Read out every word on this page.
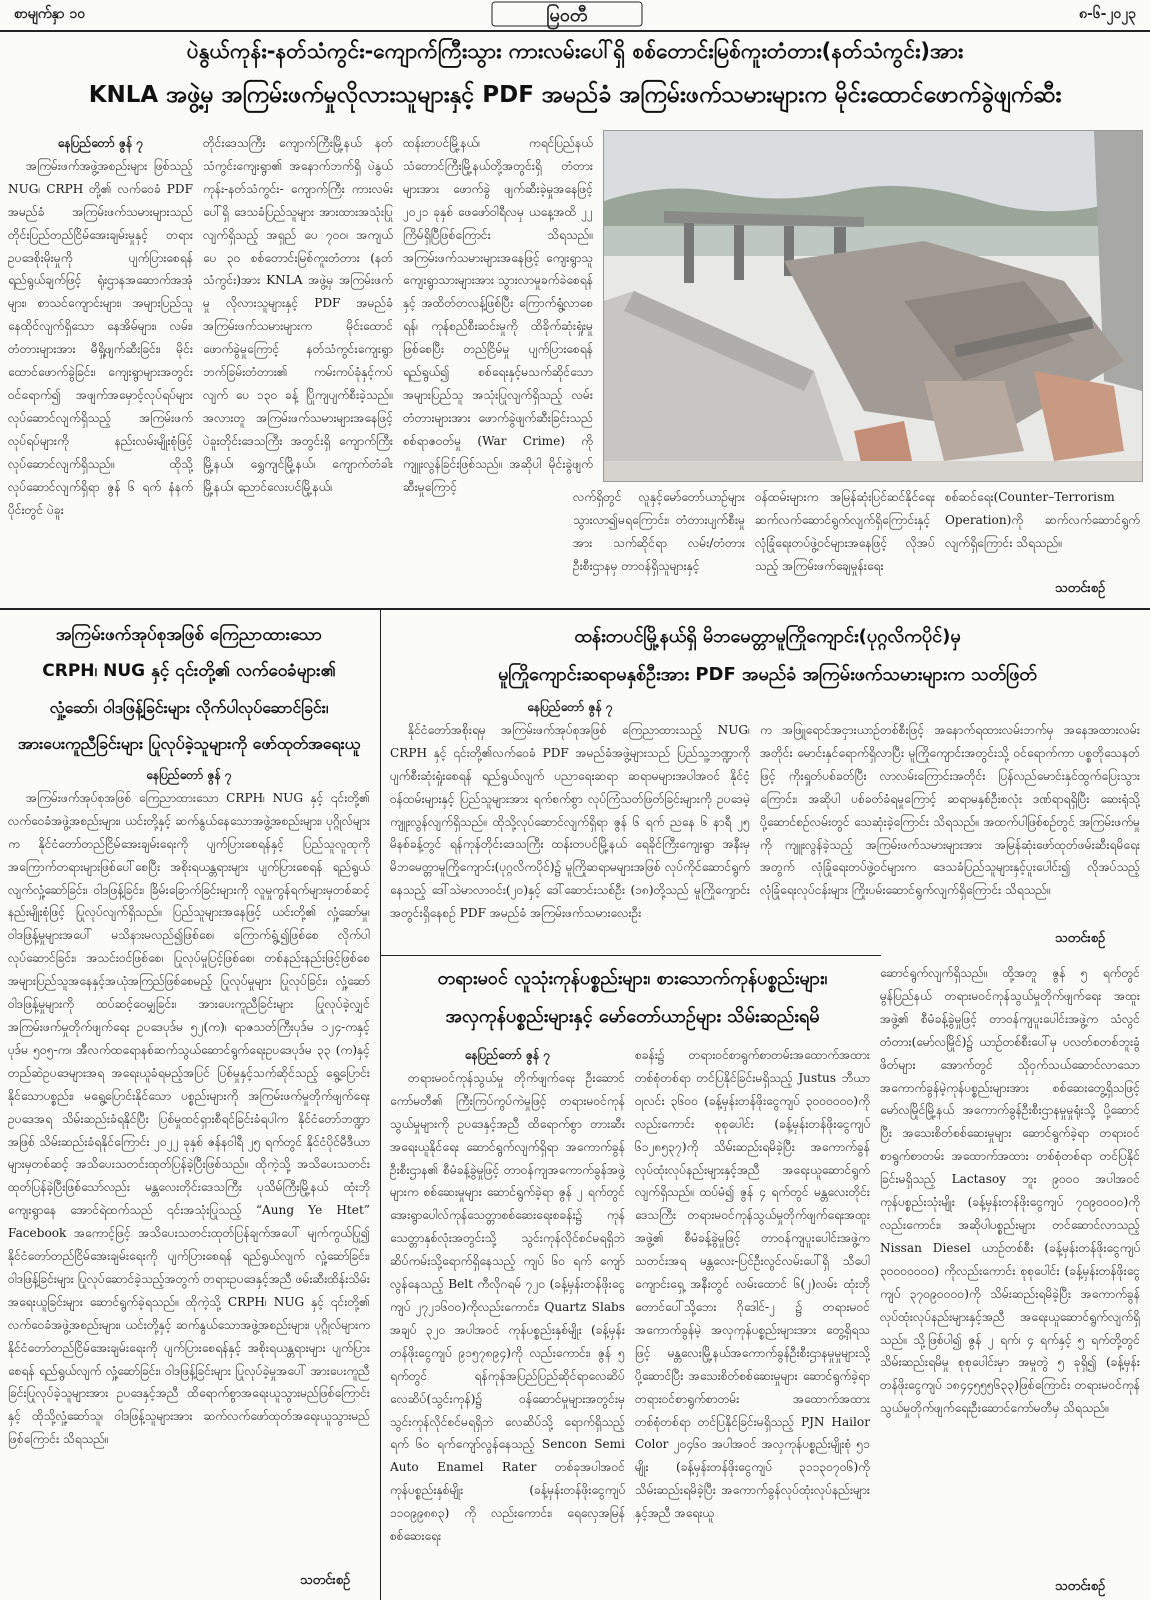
စာမျက်နှာ ၁၀	မြဝတီ	၈-၆-၂၀၂၃
ပဲနွယ်ကုန်း-နတ်သံကွင်း-ကျောက်ကြီးသွား ကားလမ်းပေါ်ရှိ စစ်တောင်းမြစ်ကူးတံတား(နတ်သံကွင်း)အား
KNLA အဖွဲ့မှ အကြမ်းဖက်မှုလိုလားသူများနှင့် PDF အမည်ခံ အကြမ်းဖက်သမားများက မိုင်းထောင်ဖောက်ခွဲဖျက်ဆီး
နေပြည်တော် ဇွန် ၇

အကြမ်းဖက်အဖွဲ့အစည်းများ ဖြစ်သည့် NUG၊ CRPH တို့၏ လက်ဝေခံ PDF အမည်ခံ အကြမ်းဖက်သမားများသည် တိုင်းပြည်တည်ငြိမ်အေးချမ်းမှုနှင့် တရားဥပဒေစိုးမိုးမှုကို ပျက်ပြားစေရန် ရည်ရွယ်ချက်ဖြင့် ရုံးဌာနအဆောက်အအုံများ၊ စာသင်ကျောင်းများ၊ အများပြည်သူနေထိုင်လျက်ရှိသော နေအိမ်များ၊ လမ်း၊ တံတားများအား မီရှို့ဖျက်ဆီးခြင်း၊ မိုင်းထောင်ဖောက်ခွဲခြင်း၊ ကျေးရွာများအတွင်း ဝင်ရောက်၍ အဖျက်အမှောင့်လုပ်ရပ်များ လုပ်ဆောင်လျက်ရှိသည့် အကြမ်းဖက်လုပ်ရပ်များကို နည်းလမ်းမျိုးစုံဖြင့် လုပ်ဆောင်လျက်ရှိသည်။ ထိုသို့ လုပ်ဆောင်လျက်ရှိရာ ဇွန် ၆ ရက် နံနက်ပိုင်းတွင် ပဲခူး

တိုင်းဒေသကြီး ကျောက်ကြီးမြို့နယ် နတ်သံကွင်းကျေးရွာ၏ အနောက်ဘက်ရှိ ပဲနွယ်ကုန်း-နတ်သံကွင်း- ကျောက်ကြီး ကားလမ်းပေါ်ရှိ ဒေသခံပြည်သူများ အားထားအသုံးပြုလျက်ရှိသည့် အရှည် ပေ ၇၀၀၊ အကျယ် ပေ ၃၀ စစ်တောင်းမြစ်ကူးတံတား (နတ်သံကွင်း)အား KNLA အဖွဲ့မှ အကြမ်းဖက်မှု လိုလားသူများနှင့် PDF အမည်ခံအကြမ်းဖက်သမားများက မိုင်းထောင်ဖောက်ခွဲမှုကြောင့် နတ်သံကွင်းကျေးရွာဘက်ခြမ်းတံတား၏ ကမ်းကပ်ခုံနှင့်ကပ်လျက် ပေ ၁၃၀ ခန့် ပြိုကျပျက်စီးခဲ့သည်။ အလားတူ အကြမ်းဖက်သမားများအနေဖြင့် ပဲခူးတိုင်းဒေသကြီး အတွင်းရှိ ကျောက်ကြီးမြို့နယ်၊ ရွှေကျင်မြို့နယ်၊ ကျောက်တံခါးမြို့နယ်၊ ညောင်လေးပင်မြို့နယ်၊

ထန်းတပင်မြို့နယ်၊ ကရင်ပြည်နယ် သံတောင်ကြီးမြို့နယ်တို့အတွင်းရှိ တံတားများအား ဖောက်ခွဲ ဖျက်ဆီးခဲ့မှုအနေဖြင့် ၂၀၂၁ ခုနှစ် ဖေဖော်ဝါရီလမှ ယနေ့အထိ ၂၂ ကြိမ်ရှိပြီဖြစ်ကြောင်း သိရသည်။ အကြမ်းဖက်သမားများအနေဖြင့် ကျေးရွာသူ ကျေးရွာသားများအား သွားလာမှုခက်ခဲစေရန်နှင့် အထိတ်တလန့်ဖြစ်ပြီး ကြောက်ရွံ့လာစေရန်၊ ကုန်စည်စီးဆင်းမှုကို ထိခိုက်ဆုံးရှုံးမှု ဖြစ်စေပြီး တည်ငြိမ်မှု ပျက်ပြားစေရန် ရည်ရွယ်၍ စစ်ရေးနှင့်မသက်ဆိုင်သော အများပြည်သူ အသုံးပြုလျက်ရှိသည့် လမ်းတံတားများအား ဖောက်ခွဲဖျက်ဆီးခြင်းသည် စစ်ရာဇဝတ်မှု (War Crime) ကို ကျူးလွန်ခြင်းဖြစ်သည်။ အဆိုပါ မိုင်းခွဲဖျက်ဆီးမှုကြောင့်

လက်ရှိတွင် လူနှင့်မော်တော်ယာဉ်များ သွားလာ၍မရကြောင်း၊ တံတားပျက်စီးမှုအား သက်ဆိုင်ရာ လမ်း/တံတားဦးစီးဌာနမှ တာဝန်ရှိသူများနှင့်

ဝန်ထမ်းများက အမြန်ဆုံးပြင်ဆင်နိုင်ရေး ဆက်လက်ဆောင်ရွက်လျက်ရှိကြောင်းနှင့် လုံခြုံရေးတပ်ဖွဲ့ဝင်များအနေဖြင့် လိုအပ်သည့် အကြမ်းဖက်ချေမှုန်းရေး

စစ်ဆင်ရေး(Counter–Terrorism Operation)ကို ဆက်လက်ဆောင်ရွက်လျက်ရှိကြောင်း သိရသည်။

သတင်းစဉ်
အကြမ်းဖက်အုပ်စုအဖြစ် ကြေညာထားသော
CRPH၊ NUG နှင့် ၎င်းတို့၏ လက်ဝေခံများ၏
လှုံ့ဆော်၊ ဝါဒဖြန့်ခြင်းများ လိုက်ပါလုပ်ဆောင်ခြင်း၊
အားပေးကူညီခြင်းများ ပြုလုပ်ခဲ့သူများကို ဖော်ထုတ်အရေးယူ
နေပြည်တော် ဇွန် ၇

အကြမ်းဖက်အုပ်စုအဖြစ် ကြေညာထားသော CRPH၊ NUG နှင့် ၎င်းတို့၏ လက်ဝေခံအဖွဲ့အစည်းများ၊ ယင်းတို့နှင့် ဆက်နွယ်နေသောအဖွဲ့အစည်းများ၊ ပုဂ္ဂိုလ်များက နိုင်ငံတော်တည်ငြိမ်အေးချမ်းရေးကို ပျက်ပြားစေရန်နှင့် ပြည်သူလူထုကို အကြောက်တရားများဖြစ်ပေါ်စေပြီး အစိုးရယန္တရားများ ပျက်ပြားစေရန် ရည်ရွယ်လျက်လှုံ့ဆော်ခြင်း၊ ဝါဒဖြန့်ခြင်း၊ ခြိမ်းခြောက်ခြင်းများကို လူမှုကွန်ရက်များမှတစ်ဆင့် နည်းမျိုးစုံဖြင့် ပြုလုပ်လျက်ရှိသည်။ ပြည်သူများအနေဖြင့် ယင်းတို့၏ လှုံ့ဆော်မှု၊ ဝါဒဖြန့်မှုများအပေါ် မသိနားမလည်၍ဖြစ်စေ၊ ကြောက်ရွံ့၍ဖြစ်စေ လိုက်ပါလုပ်ဆောင်ခြင်း၊ အသင်းဝင်ဖြစ်စေ၊ ပြုလုပ်မှုပြင့်ဖြစ်စေ၊ တစ်နည်းနည်းဖြင့်ဖြစ်စေ အများပြည်သူအနေနှင့်အယုံအကြည်ဖြစ်စေမည့် ပြုလုပ်မှုများ ပြုလုပ်ခြင်း၊ လှုံ့ဆော်ဝါဒဖြန့်မှုများကို ထပ်ဆင့်ဝေမျှခြင်း၊ အားပေးကူညီခြင်းများ ပြုလုပ်ခဲ့လျှင် အကြမ်းဖက်မှုတိုက်ဖျက်ရေး ဥပဒေပုဒ်မ ၅၂(က)၊ ရာဇသတ်ကြီးပုဒ်မ ၁၂၄-ကနှင့် ပုဒ်မ ၅၀၅-က၊ အီလက်ထရောနစ်ဆက်သွယ်ဆောင်ရွက်ရေးဥပဒေပုဒ်မ ၃၃ (က)နှင့် တည်ဆဲဥပဒေများအရ အရေးယူခံရမည့်အပြင် ပြစ်မှုနှင့်သက်ဆိုင်သည့် ရွေ့ပြောင်းနိုင်သောပစ္စည်း၊ မရွေ့ပြောင်းနိုင်သော ပစ္စည်းများကို အကြမ်းဖက်မှုတိုက်ဖျက်ရေးဥပဒေအရ သိမ်းဆည်းခံရနိုင်ပြီး ပြစ်မှုထင်ရှားစီရင်ခြင်းခံရပါက နိုင်ငံတော်ဘဏ္ဍာအဖြစ် သိမ်းဆည်းခံရနိုင်ကြောင်း ၂၀၂၂ ခုနှစ် ဇန်နဝါရီ ၂၅ ရက်တွင် နိုင်ငံပိုင်မီဒီယာများမှတစ်ဆင့် အသိပေးသတင်းထုတ်ပြန်ခဲ့ပြီးဖြစ်သည်။ ထိုကဲ့သို့ အသိပေးသတင်းထုတ်ပြန်ခဲ့ပြီးဖြစ်သော်လည်း မန္တလေးတိုင်းဒေသကြီး ပုသိမ်ကြီးမြို့နယ် ထုံးဘိုကျေးရွာနေ အောင်ရဲထက်သည် ၎င်းအသုံးပြုသည့် “Aung Ye Htet” Facebook အကောင့်ဖြင့် အသိပေးသတင်းထုတ်ပြန်ချက်အပေါ် မျက်ကွယ်ပြု၍ နိုင်ငံတော်တည်ငြိမ်အေးချမ်းရေးကို ပျက်ပြားစေရန် ရည်ရွယ်လျက် လှုံ့ဆော်ခြင်း၊ ဝါဒဖြန့်ခြင်းများ ပြုလုပ်ဆောင်ခဲ့သည့်အတွက် တရားဥပဒေနှင့်အညီ ဖမ်းဆီးထိန်းသိမ်းအရေးယူခြင်းများ ဆောင်ရွက်ခဲ့ရသည်။ ထိုကဲ့သို့ CRPH၊ NUG နှင့် ၎င်းတို့၏ လက်ဝေခံအဖွဲ့အစည်းများ၊ ယင်းတို့နှင့် ဆက်နွယ်သောအဖွဲ့အစည်းများ၊ ပုဂ္ဂိုလ်များက နိုင်ငံတော်တည်ငြိမ်အေးချမ်းရေးကို ပျက်ပြားစေရန်နှင့် အစိုးရယန္တရားများ ပျက်ပြားစေရန် ရည်ရွယ်လျက် လှုံ့ဆော်ခြင်း၊ ဝါဒဖြန့်ခြင်းများ ပြုလုပ်ခဲ့မှုအပေါ် အားပေးကူညီခြင်းပြုလုပ်ခဲ့သူများအား ဥပဒေနှင့်အညီ ထိရောက်စွာအရေးယူသွားမည်ဖြစ်ကြောင်းနှင့် ထိုသို့လှုံ့ဆော်သူ၊ ဝါဒဖြန့်သူများအား ဆက်လက်ဖော်ထုတ်အရေးယူသွားမည်ဖြစ်ကြောင်း သိရသည်။

သတင်းစဉ်
ထန်းတပင်မြို့နယ်ရှိ မိဘမေတ္တာမူကြိုကျောင်း(ပုဂ္ဂလိကပိုင်)မှ
မူကြိုကျောင်းဆရာမနှစ်ဦးအား PDF အမည်ခံ အကြမ်းဖက်သမားများက သတ်ဖြတ်
နေပြည်တော် ဇွန် ၇

နိုင်ငံတော်အစိုးရမှ အကြမ်းဖက်အုပ်စုအဖြစ် ကြေညာထားသည့် NUG၊ CRPH နှင့် ၎င်းတို့၏လက်ဝေခံ PDF အမည်ခံအဖွဲ့များသည် ပြည်သူ့ဘဏ္ဍာကို ပျက်စီးဆုံးရှုံးစေရန် ရည်ရွယ်လျက် ပညာရေးဆရာ ဆရာမများအပါအဝင် နိုင်ငံ့ဝန်ထမ်းများနှင့် ပြည်သူများအား ရက်စက်စွာ လုပ်ကြံသတ်ဖြတ်ခြင်းများကို ဥပဒေမဲ့ကျူးလွန်လျက်ရှိသည်။ ထိုသို့လုပ်ဆောင်လျက်ရှိရာ ဇွန် ၆ ရက် ညနေ ၆ နာရီ ၂၅ မိနစ်ခန့်တွင် ရန်ကုန်တိုင်းဒေသကြီး ထန်းတပင်မြို့နယ် ရေခိုင်ကြီးကျေးရွာ အနီးမှ မိဘမေတ္တာမူကြိုကျောင်း(ပုဂ္ဂလိကပိုင်)၌ မူကြိုဆရာမများအဖြစ် လုပ်ကိုင်ဆောင်ရွက်နေသည့် ဒေါ်သဲမာလာဝင်း(၂၀)နှင့် ဒေါ်ဆောင်းသစ်ဦး (၁၈)တို့သည် မူကြိုကျောင်းအတွင်းရှိနေစဉ် PDF အမည်ခံ အကြမ်းဖက်သမားလေးဦး

က အဖြူရောင်အငှားယာဉ်တစ်စီးဖြင့် အနောက်ရထားလမ်းဘက်မှ အနေအထားလမ်းအတိုင်း မောင်းနှင်ရောက်ရှိလာပြီး မူကြိုကျောင်းအတွင်းသို့ ဝင်ရောက်ကာ ပစ္စတိုသေနတ်ဖြင့် ကိုးရှုတ်ပစ်ခတ်ပြီး လာလမ်းကြောင်းအတိုင်း ပြန်လည်မောင်းနှင်ထွက်ပြေးသွားကြောင်း၊ အဆိုပါ ပစ်ခတ်ခံရမှုကြောင့် ဆရာမနှစ်ဦးစလုံး ဒဏ်ရာရရှိပြီး ဆေးရုံသို့ ပို့ဆောင်စဉ်လမ်းတွင် သေဆုံးခဲ့ကြောင်း သိရသည်။ အထက်ပါဖြစ်စဉ်တွင် အကြမ်းဖက်မှုကို ကျူးလွန်ခဲ့သည့် အကြမ်းဖက်သမားများအား အမြန်ဆုံးဖော်ထုတ်ဖမ်းဆီးရမိရေးအတွက် လုံခြုံရေးတပ်ဖွဲ့ဝင်များက ဒေသခံပြည်သူများနှင့်ပူးပေါင်း၍ လိုအပ်သည့် လုံခြုံရေးလုပ်ငန်းများ ကြိုးပမ်းဆောင်ရွက်လျက်ရှိကြောင်း သိရသည်။

သတင်းစဉ်
တရားမဝင် လူသုံးကုန်ပစ္စည်းများ၊ စားသောက်ကုန်ပစ္စည်းများ၊
အလှကုန်ပစ္စည်းများနှင့် မော်တော်ယာဉ်များ သိမ်းဆည်းရမိ
နေပြည်တော် ဇွန် ၇

တရားမဝင်ကုန်သွယ်မှု တိုက်ဖျက်ရေး ဦးဆောင်ကော်မတီ၏ ကြီးကြပ်ကွပ်ကဲမှုဖြင့် တရားမဝင်ကုန်သွယ်မှုများကို ဥပဒေနှင့်အညီ ထိရောက်စွာ တားဆီးအရေးယူနိုင်ရေး ဆောင်ရွက်လျက်ရှိရာ အကောက်ခွန်ဦးစီးဌာန၏ စီမံခန့်ခွဲမှုဖြင့် တာဝန်ကျအကောက်ခွန်အဖွဲ့များက စစ်ဆေးမှုများ ဆောင်ရွက်ခဲ့ရာ ဇွန် ၂ ရက်တွင် အေးရွာပေါလ်ကုန်သေတ္တာစစ်ဆေးရေးစခန်း၌ ကုန်သေတ္တာနှစ်လုံးအတွင်းသို့ သွင်းကုန်လိုင်စင်မရရှိဘဲ ဆိပ်ကမ်းသို့ရောက်ရှိနေသည့် ကျပ် ၆၀ ရက် ကျော်လွန်နေသည့် Belt ကီလိုဂရမ် ၇၂၀ (ခန့်မှန်းတန်ဖိုးငွေကျပ် ၂၇၂၁၆၀၀)ကိုလည်းကောင်း၊ Quartz Slabs အချပ် ၃၂၀ အပါအဝင် ကုန်ပစ္စည်းနှစ်မျိုး (ခန့်မှန်းတန်ဖိုးငွေကျပ် ၉၁၅၇၈၉၄)ကို လည်းကောင်း၊ ဇွန် ၅ ရက်တွင် ရန်ကုန်အပြည်ပြည်ဆိုင်ရာလေဆိပ် လေဆိပ်(သွင်းကုန်)၌ ဝန်ဆောင်မှုများအတွင်းမှ သွင်းကုန်လိုင်စင်မရရှိဘဲ လေဆိပ်သို့ ရောက်ရှိသည့်ရက် ၆၀ ရက်ကျော်လွန်နေသည့် Sencon Semi Auto Enamel Rater တစ်ခုအပါအဝင် ကုန်ပစ္စည်းနှစ်မျိုး (ခန့်မှန်းတန်ဖိုးငွေကျပ် ၁၁၀၉၉၈၈၃) ကို လည်းကောင်း၊ ရေလှေအမြန်စစ်ဆေးရေး

စခန်း၌ တရားဝင်စာရွက်စာတမ်းအထောက်အထားတစ်စုံတစ်ရာ တင်ပြနိုင်ခြင်းမရှိသည့် Justus ဘီယာ ၀ုလင်း ၃၆၀၀ (ခန့်မှန်းတန်ဖိုးငွေကျပ် ၃၀၀၀၀၀၀)ကိုလည်းကောင်း စုစုပေါင်း (ခန့်မှန်းတန်ဖိုးငွေကျပ် ၆၁၂၈၅၃၇)ကို သိမ်းဆည်းရမိခဲ့ပြီး အကောက်ခွန်လုပ်ထုံးလုပ်နည်းများနှင့်အညီ အရေးယူဆောင်ရွက်လျက်ရှိသည်။ ထပ်မံ၍ ဇွန် ၄ ရက်တွင် မန္တလေးတိုင်းဒေသကြီး တရားမဝင်ကုန်သွယ်မှုတိုက်ဖျက်ရေးအထူးအဖွဲ့၏ စီမံခန့်ခွဲမှုဖြင့် တာဝန်ကျပူးပေါင်းအဖွဲ့က သတင်းအရ မန္တလေး-ပြင်ဦးလွင်လမ်းပေါ်ရှိ သီပေါကျောင်းရှေ့ အနီးတွင် လမ်းထောင် ၆(၂)လမ်း ထုံးဘိုတောင်ပေါ်သို့ဘေး ဂိုဒေါင်-၂ ၌ တရားမဝင်အကောက်ခွန်မဲ့ အလှကုန်ပစ္စည်းများအား တွေ့ရှိရသဖြင့် မန္တလေးမြို့နယ်အကောက်ခွန်ဦးစီးဌာနမှုမှုများသို့ ပို့ဆောင်ပြီး အသေးစိတ်စစ်ဆေးမှုများ ဆောင်ရွက်ခဲ့ရာ တရားဝင်စာရွက်စာတမ်း အထောက်အထားတစ်စုံတစ်ရာ တင်ပြနိုင်ခြင်းမရှိသည့် PJN Hailor Color ၂၀၄၆၀ အပါအဝင် အလှကုန်ပစ္စည်းမျိုးစုံ ၅၁ မျိုး (ခန့်မှန်းတန်ဖိုးငွေကျပ် ၃၁၁၃၀၇၀၆)ကိုသိမ်းဆည်းရမိခဲ့ပြီး အကောက်ခွန်လုပ်ထုံးလုပ်နည်းများနှင့်အညီ အရေးယူ

ဆောင်ရွက်လျက်ရှိသည်။ ထို့အတူ ဇွန် ၅ ရက်တွင် မွန်ပြည်နယ် တရားမဝင်ကုန်သွယ်မှုတိုက်ဖျက်ရေး အထူးအဖွဲ့၏ စီမံခန့်ခွဲမှုဖြင့် တာဝန်ကျပူးပေါင်းအဖွဲ့က သံလွင်တံတား(မော်လမြိုင်)၌ ယာဉ်တစ်စီးပေါ်မှ ပလတ်စတစ်ဘူးခွံဖိတ်များ အောက်တွင် သိုဝှက်သယ်ဆောင်လာသောအကောက်ခွန်မဲ့ကုန်ပစ္စည်းများအား စစ်ဆေးတွေ့ရှိသဖြင့် မော်လမြိုင်မြို့နယ် အကောက်ခွန်ဦးစီးဌာနမှုမှုရုံးသို့ ပို့ဆောင်ပြီး အသေးစိတ်စစ်ဆေးမှုများ ဆောင်ရွက်ခဲ့ရာ တရားဝင်စာရွက်စာတမ်း အထောက်အထား တစ်စုံတစ်ရာ တင်ပြနိုင်ခြင်းမရှိသည့် Lactasoy ဘူး ၉၀၀၀ အပါအဝင် ကုန်ပစ္စည်းသုံးမျိုး (ခန့်မှန်းတန်ဖိုးငွေကျပ် ၇၀၉၀၀၀၀)ကိုလည်းကောင်း၊ အဆိုပါပစ္စည်းများ တင်ဆောင်လာသည့် Nissan Diesel ယာဉ်တစ်စီး (ခန့်မှန်းတန်ဖိုးငွေကျပ် ၃၀၀၀၀၀၀၀) ကိုလည်းကောင်း စုစုပေါင်း (ခန့်မှန်းတန်ဖိုးငွေကျပ် ၃၇၀၉၀၀၀၀)ကို သိမ်းဆည်းရမိခဲ့ပြီး အကောက်ခွန်လုပ်ထုံးလုပ်နည်းများနှင့်အညီ အရေးယူဆောင်ရွက်လျက်ရှိသည်။ သို့ဖြစ်ပါ၍ ဇွန် ၂ ရက်၊ ၄ ရက်နှင့် ၅ ရက်တို့တွင် သိမ်းဆည်းရမိမှု စုစုပေါင်းမှာ အမှုတွဲ ၅ ခုရှိ၍ (ခန့်မှန်းတန်ဖိုးငွေကျပ် ၁၈၄၄၅၅၅၆၃၃)ဖြစ်ကြောင်း တရားမဝင်ကုန်သွယ်မှုတိုက်ဖျက်ရေးဦးဆောင်ကော်မတီမှ သိရသည်။

သတင်းစဉ်
